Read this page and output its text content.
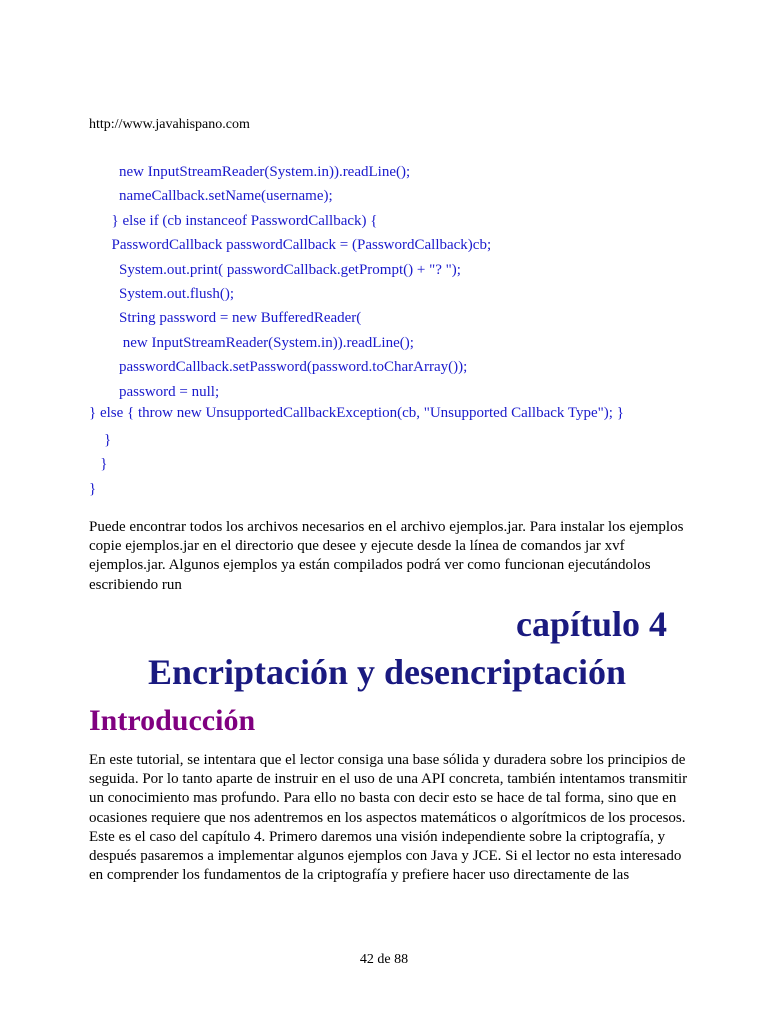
http://www.javahispano.com
new InputStreamReader(System.in)).readLine();
nameCallback.setName(username);
} else if (cb instanceof PasswordCallback) {
PasswordCallback passwordCallback = (PasswordCallback)cb;
System.out.print( passwordCallback.getPrompt() + "? ");
System.out.flush();
String password = new BufferedReader(
new InputStreamReader(System.in)).readLine();
passwordCallback.setPassword(password.toCharArray());
password = null;
} else { throw new UnsupportedCallbackException(cb, "Unsupported Callback Type"); }
}
}
}
Puede encontrar todos los archivos necesarios en el archivo ejemplos.jar. Para instalar los ejemplos copie ejemplos.jar en el directorio que desee y ejecute desde la línea de comandos jar xvf ejemplos.jar. Algunos ejemplos ya están compilados podrá ver como funcionan ejecutándolos escribiendo run
capítulo 4
Encriptación y desencriptación
Introducción
En este tutorial, se intentara que el lector consiga una base sólida y duradera sobre los principios de seguida. Por lo tanto aparte de instruir en el uso de una API concreta, también intentamos transmitir un conocimiento mas profundo. Para ello no basta con decir esto se hace de tal forma, sino que en ocasiones requiere que nos adentremos en los aspectos matemáticos o algorítmicos de los procesos. Este es el caso del capítulo 4. Primero daremos una visión independiente sobre la criptografía, y después pasaremos a implementar algunos ejemplos con Java y JCE. Si el lector no esta interesado en comprender los fundamentos de la criptografía y prefiere hacer uso directamente de las
42 de 88
